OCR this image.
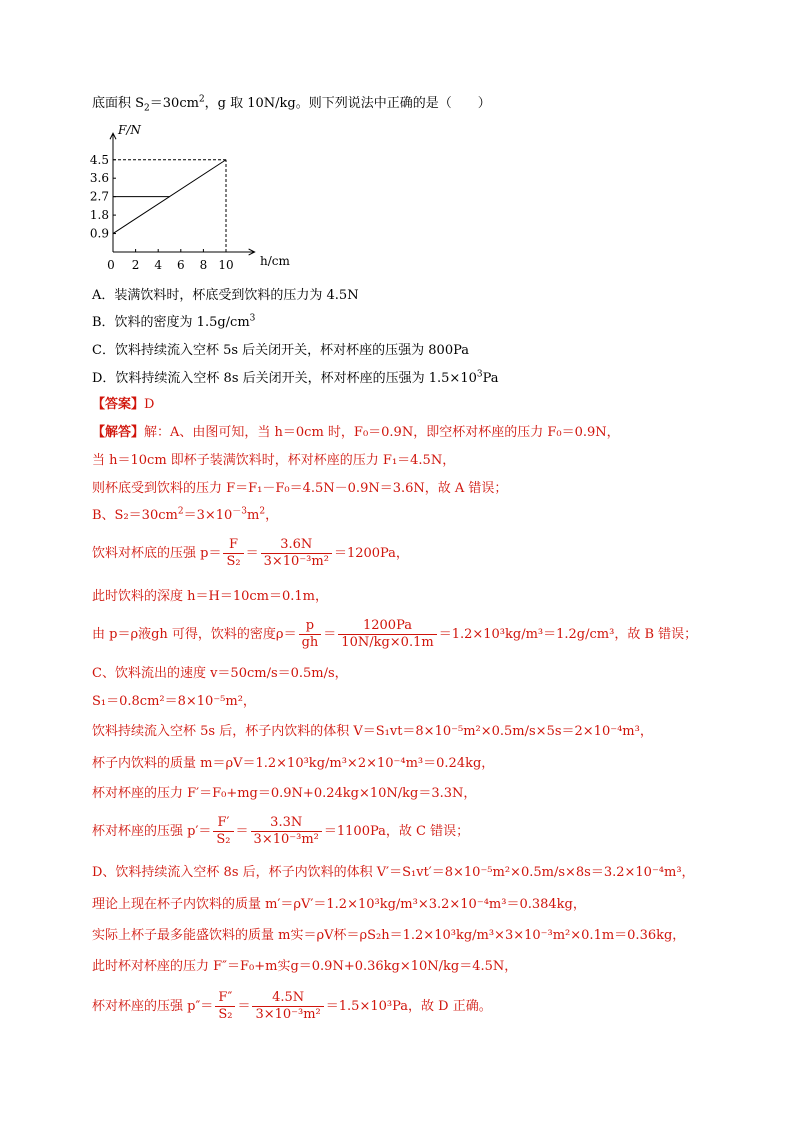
底面积 $S_2=30cm^2$，g 取 10N/kg。则下列说法中正确的是（　　）
0.9
1.8
2.7
3.6
4.5
0 2 4 6 8 10
F/N
h/cm
A．装满饮料时，杯底受到饮料的压力为 4.5N
B．饮料的密度为 $1.5g/cm^3$
C．饮料持续流入空杯 5s 后关闭开关，杯对杯座的压强为 800Pa
D．饮料持续流入空杯 8s 后关闭开关，杯对杯座的压强为 $1.5\times 10^3Pa$
【答案】D
【解答】解：A、由图可知，当 h＝0cm 时，F₀＝0.9N，即空杯对杯座的压力 F₀＝0.9N，
当 h＝10cm 即杯子装满饮料时，杯对杯座的压力 F₁＝4.5N，
则杯底受到饮料的压力 F＝F₁－F₀＝4.5N－0.9N＝3.6N，故 A 错误；
B、$S_2=30cm^2=3\times 10^{-3}m^2$，
饮料对杯底的压强 $p= \frac{F}{\text{S₂}} = \frac{3.6N}{\text{3×10⁻³m²}} =1200Pa$，
此时饮料的深度 h＝H＝10cm＝0.1m，
由 p＝ρ液gh 可得，饮料的密度$\rho= \frac{p}{gh} = \frac{1200Pa}{10N/kg\times 0.1m} =1.2\times 10^3kg/m^3=1.2g/cm^3$，故 B 错误；
C、饮料流出的速度 v＝50cm/s＝0.5m/s，
S₁＝0.8cm²＝8×10⁻⁵m²，
饮料持续流入空杯 5s 后，杯子内饮料的体积 V＝S₁vt＝8×10⁻⁵m²×0.5m/s×5s＝2×10⁻⁴m³，
杯子内饮料的质量 m＝ρV＝1.2×10³kg/m³×2×10⁻⁴m³＝0.24kg，
杯对杯座的压力 F′＝F₀+mg＝0.9N+0.24kg×10N/kg＝3.3N，
杯对杯座的压强 $p'= \frac{F'}{\text{S₂}} = \frac{3.3N}{\text{3×10⁻³m²}} =1100Pa$，故 C 错误；
D、饮料持续流入空杯 8s 后，杯子内饮料的体积 V′＝S₁vt′＝8×10⁻⁵m²×0.5m/s×8s＝3.2×10⁻⁴m³，
理论上现在杯子内饮料的质量 m′＝ρV′＝1.2×10³kg/m³×3.2×10⁻⁴m³＝0.384kg，
实际上杯子最多能盛饮料的质量 m实＝ρV杯＝ρS₂h＝1.2×10³kg/m³×3×10⁻³m²×0.1m＝0.36kg，
此时杯对杯座的压力 F″＝F₀+m实g＝0.9N+0.36kg×10N/kg＝4.5N，
杯对杯座的压强 $p''= \frac{F''}{\text{S₂}} = \frac{4.5N}{\text{3×10⁻³m²}} =1.5\times 10^3Pa$，故 D 正确。
